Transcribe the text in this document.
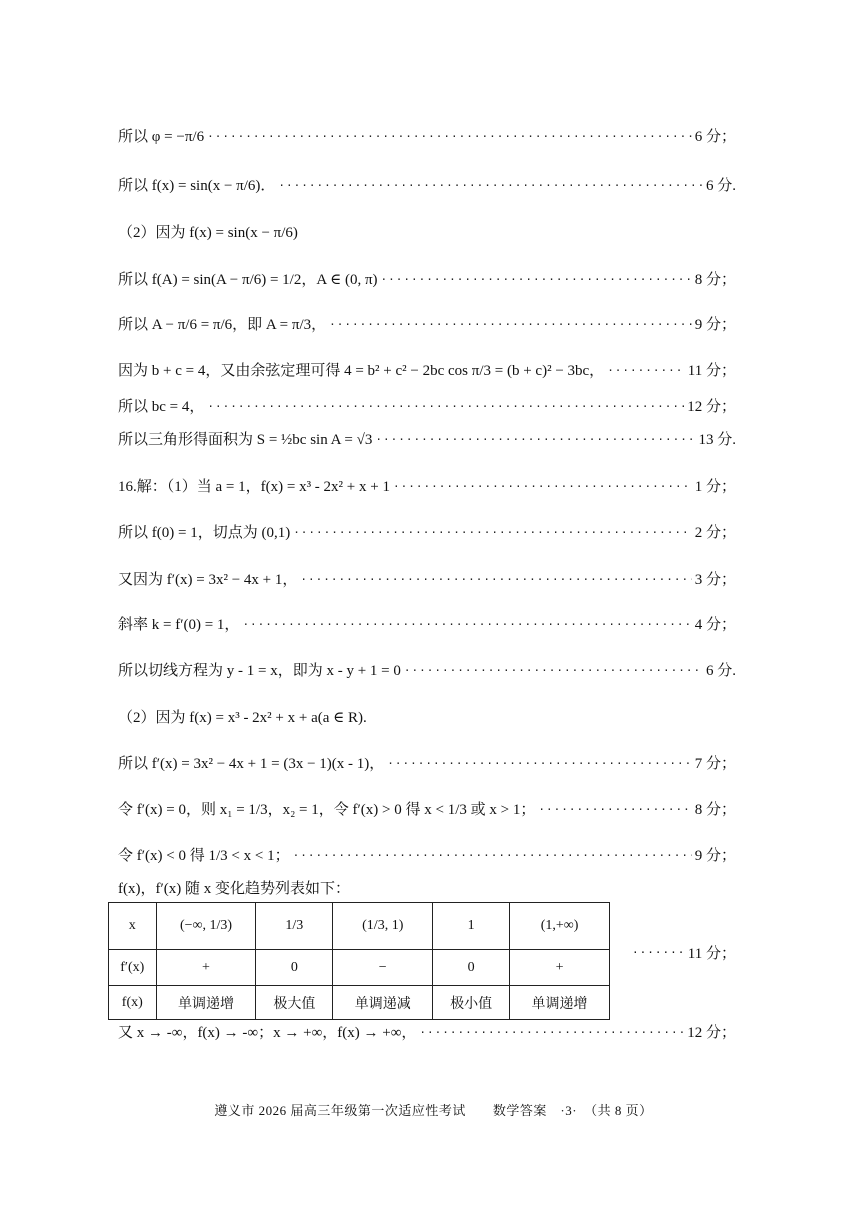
所以 φ = −π/6 ·····	6 分；
所以 f(x) = sin(x − π/6)． ·····	6 分.
（2）因为 f(x) = sin(x − π/6)
所以 f(A) = sin(A − π/6) = 1/2，A ∈ (0, π) ·····	8 分；
所以 A − π/6 = π/6，即 A = π/3， ·····	9 分；
因为 b + c = 4，又由余弦定理可得 4 = b² + c² − 2bc cos π/3 = (b + c)² − 3bc， ·····	11 分；
所以 bc = 4， ·····	12 分；
所以三角形得面积为 S = ½bc sin A = √3 ·····	13 分.
16.解：（1）当 a = 1，f(x) = x³ - 2x² + x + 1 ·····	1 分；
所以 f(0) = 1，切点为 (0,1) ·····	2 分；
又因为 f′(x) = 3x² − 4x + 1， ·····	3 分；
斜率 k = f′(0) = 1， ·····	4 分；
所以切线方程为 y - 1 = x，即为 x - y + 1 = 0 ·····	6 分.
（2）因为 f(x) = x³ - 2x² + x + a(a ∈ R).
所以 f′(x) = 3x² − 4x + 1 = (3x − 1)(x - 1)， ·····	7 分；
令 f′(x) = 0，则 x₁ = 1/3，x₂ = 1，令 f′(x) > 0 得 x < 1/3 或 x > 1； ·····	8 分；
令 f′(x) < 0 得 1/3 < x < 1； ·····	9 分；
f(x)，f′(x) 随 x 变化趋势列表如下：
x	(−∞, 1/3)	1/3	(1/3, 1)	1	(1,+∞)
f′(x)	+	0	−	0	+
f(x)	单调递增	极大值	单调递减	极小值	单调递增
·····
11 分；
又 x → -∞，f(x) → -∞；x → +∞，f(x) → +∞， ·····	12 分；
遵义市 2026 届高三年级第一次适应性考试　　数学答案　·3·　（共 8 页）
